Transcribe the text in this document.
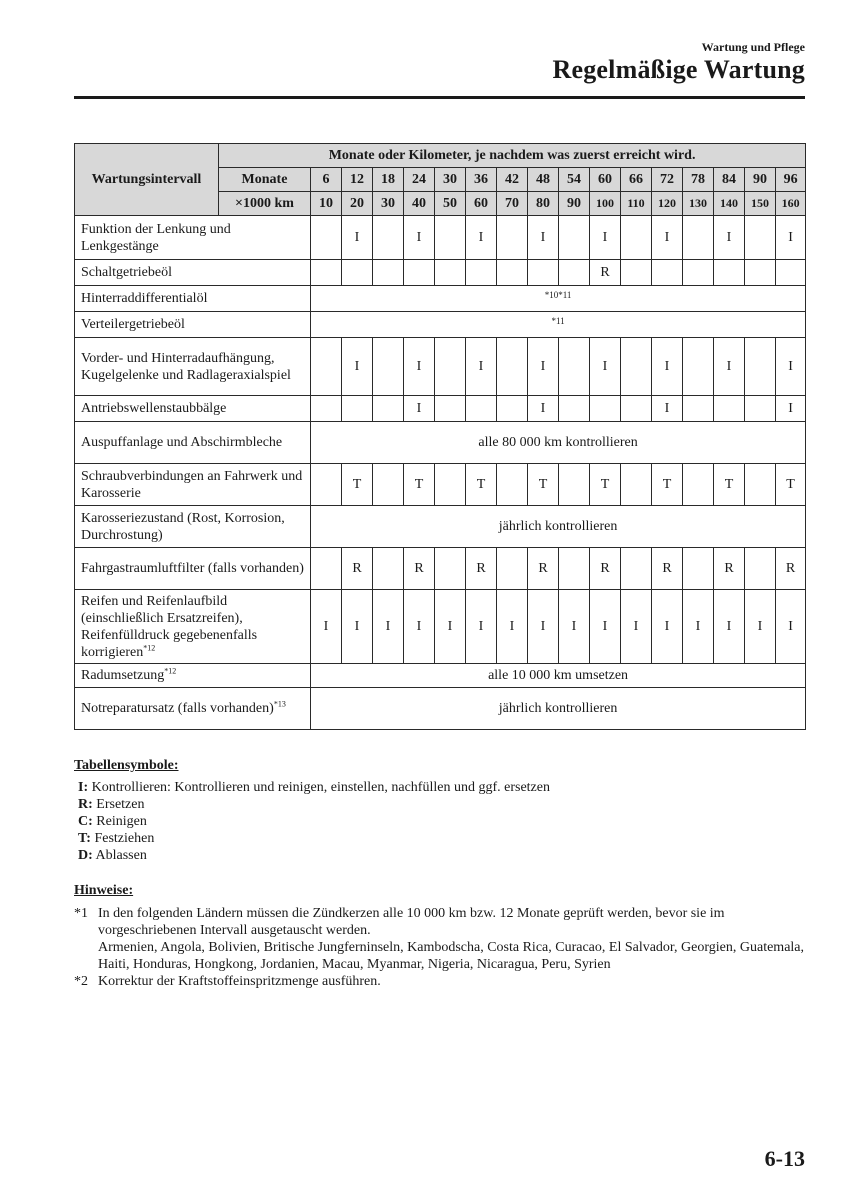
Wartung und Pflege
Regelmäßige Wartung
Wartungsintervall	Monate oder Kilometer, je nachdem was zuerst erreicht wird.																
	Monate	6	12	18	24	30	36	42	48	54	60	66	72	78	84	90	96
	×1000 km	10	20	30	40	50	60	70	80	90	100	110	120	130	140	150	160
Funktion der Lenkung und Lenkgestänge			I		I		I		I		I		I		I		I
Schaltgetriebeöl											R						
Hinterraddifferentialöl		*10*11															
Verteilergetriebeöl		*11															
Vorder- und Hinterradaufhängung, Kugelgelenke und Radlageraxialspiel			I		I		I		I		I		I		I		I
Antriebswellenstaubbälge					I				I				I				I
Auspuffanlage und Abschirmbleche		alle 80 000 km kontrollieren															
Schraubverbindungen an Fahrwerk und Karosserie			T		T		T		T		T		T		T		T
Karosseriezustand (Rost, Korrosion, Durchrostung)		jährlich kontrollieren															
Fahrgastraumluftfilter (falls vorhanden)			R		R		R		R		R		R		R		R
Reifen und Reifenlaufbild (einschließlich Ersatzreifen), Reifenfülldruck gegebenenfalls korrigieren$^{*12}$		I	I	I	I	I	I	I	I	I	I	I	I	I	I	I	I
Radumsetzung$^{*12}$		alle 10 000 km umsetzen															
Notreparatursatz (falls vorhanden)$^{*13}$		jährlich kontrollieren															
Tabellensymbole:
I: Kontrollieren: Kontrollieren und reinigen, einstellen, nachfüllen und ggf. ersetzen
R: Ersetzen
C: Reinigen
T: Festziehen
D: Ablassen
Hinweise:
*1 In den folgenden Ländern müssen die Zündkerzen alle 10 000 km bzw. 12 Monate geprüft werden, bevor sie im vorgeschriebenen Intervall ausgetauscht werden.
Armenien, Angola, Bolivien, Britische Jungferninseln, Kambodscha, Costa Rica, Curacao, El Salvador, Georgien, Guatemala, Haiti, Honduras, Hongkong, Jordanien, Macau, Myanmar, Nigeria, Nicaragua, Peru, Syrien
*2 Korrektur der Kraftstoffeinspritzmenge ausführen.
6-13
